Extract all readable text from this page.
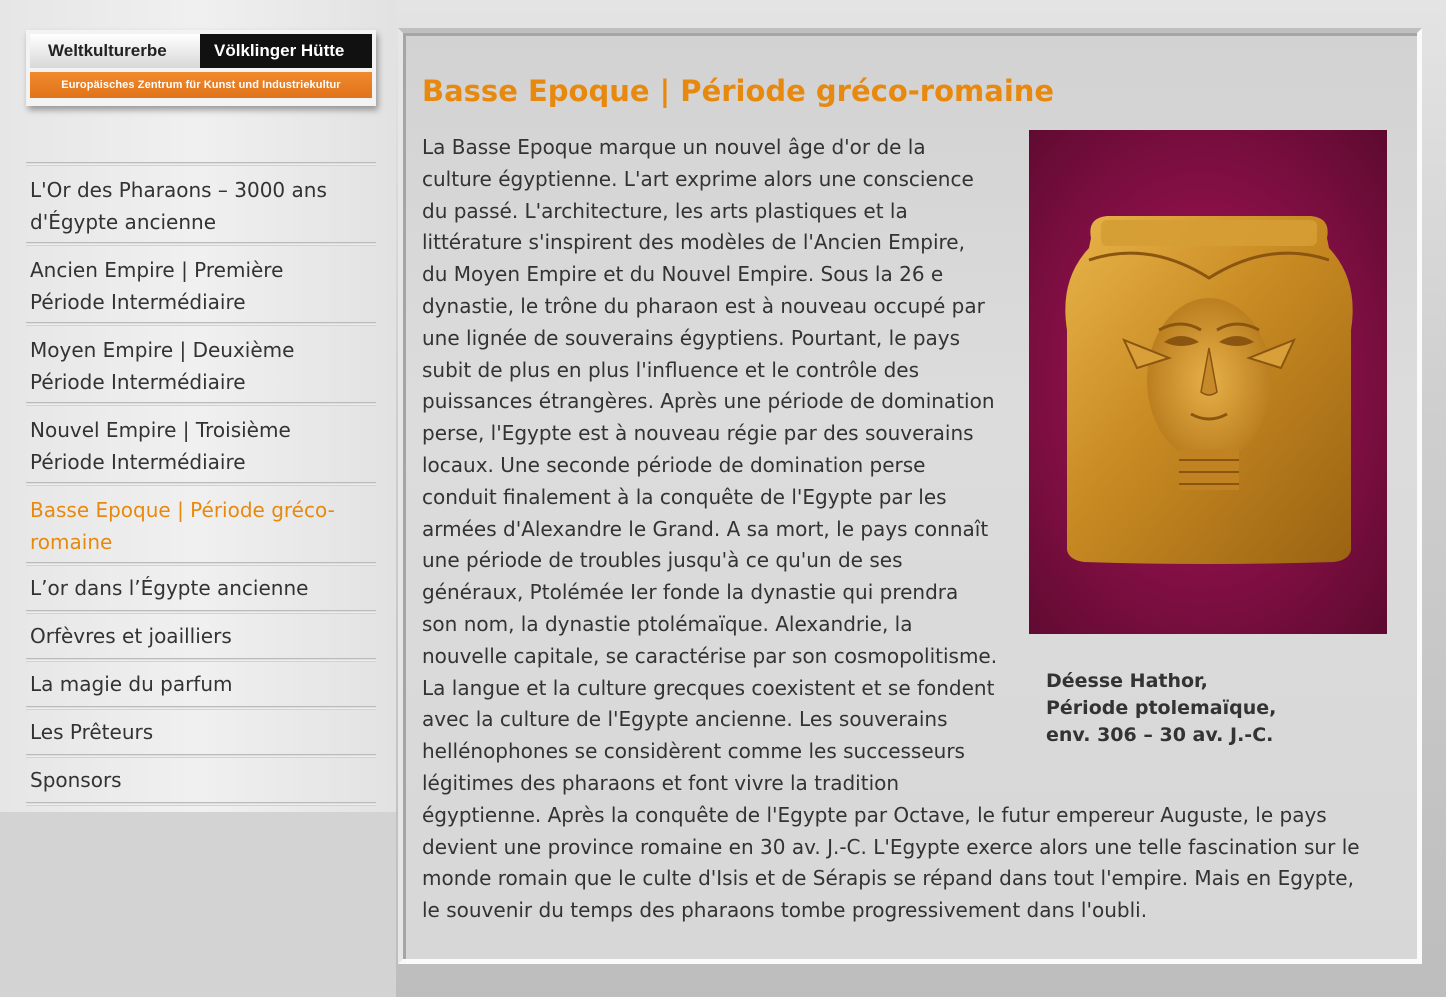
Weltkulturerbe	Völklinger Hütte
Europäisches Zentrum für Kunst und Industriekultur
L'Or des Pharaons – 3000 ans
d'Égypte ancienne
Ancien Empire | Première
Période Intermédiaire
Moyen Empire | Deuxième
Période Intermédiaire
Nouvel Empire | Troisième
Période Intermédiaire
Basse Epoque | Période gréco-
romaine
L’or dans l’Égypte ancienne
Orfèvres et joailliers
La magie du parfum
Les Prêteurs
Sponsors
Basse Epoque | Période gréco-romaine

Déesse Hathor,
Période ptolemaïque,
env. 306 – 30 av. J.-C.

La Basse Epoque marque un nouvel âge d'or de la
culture égyptienne. L'art exprime alors une conscience
du passé. L'architecture, les arts plastiques et la
littérature s'inspirent des modèles de l'Ancien Empire,
du Moyen Empire et du Nouvel Empire. Sous la 26 e
dynastie, le trône du pharaon est à nouveau occupé par
une lignée de souverains égyptiens. Pourtant, le pays
subit de plus en plus l'influence et le contrôle des
puissances étrangères. Après une période de domination
perse, l'Egypte est à nouveau régie par des souverains
locaux. Une seconde période de domination perse
conduit finalement à la conquête de l'Egypte par les
armées d'Alexandre le Grand. A sa mort, le pays connaît
une période de troubles jusqu'à ce qu'un de ses
généraux, Ptolémée Ier fonde la dynastie qui prendra
son nom, la dynastie ptolémaïque. Alexandrie, la
nouvelle capitale, se caractérise par son cosmopolitisme.
La langue et la culture grecques coexistent et se fondent
avec la culture de l'Egypte ancienne. Les souverains
hellénophones se considèrent comme les successeurs
légitimes des pharaons et font vivre la tradition
égyptienne. Après la conquête de l'Egypte par Octave, le futur empereur Auguste, le pays
devient une province romaine en 30 av. J.-C. L'Egypte exerce alors une telle fascination sur le
monde romain que le culte d'Isis et de Sérapis se répand dans tout l'empire. Mais en Egypte,
le souvenir du temps des pharaons tombe progressivement dans l'oubli.
